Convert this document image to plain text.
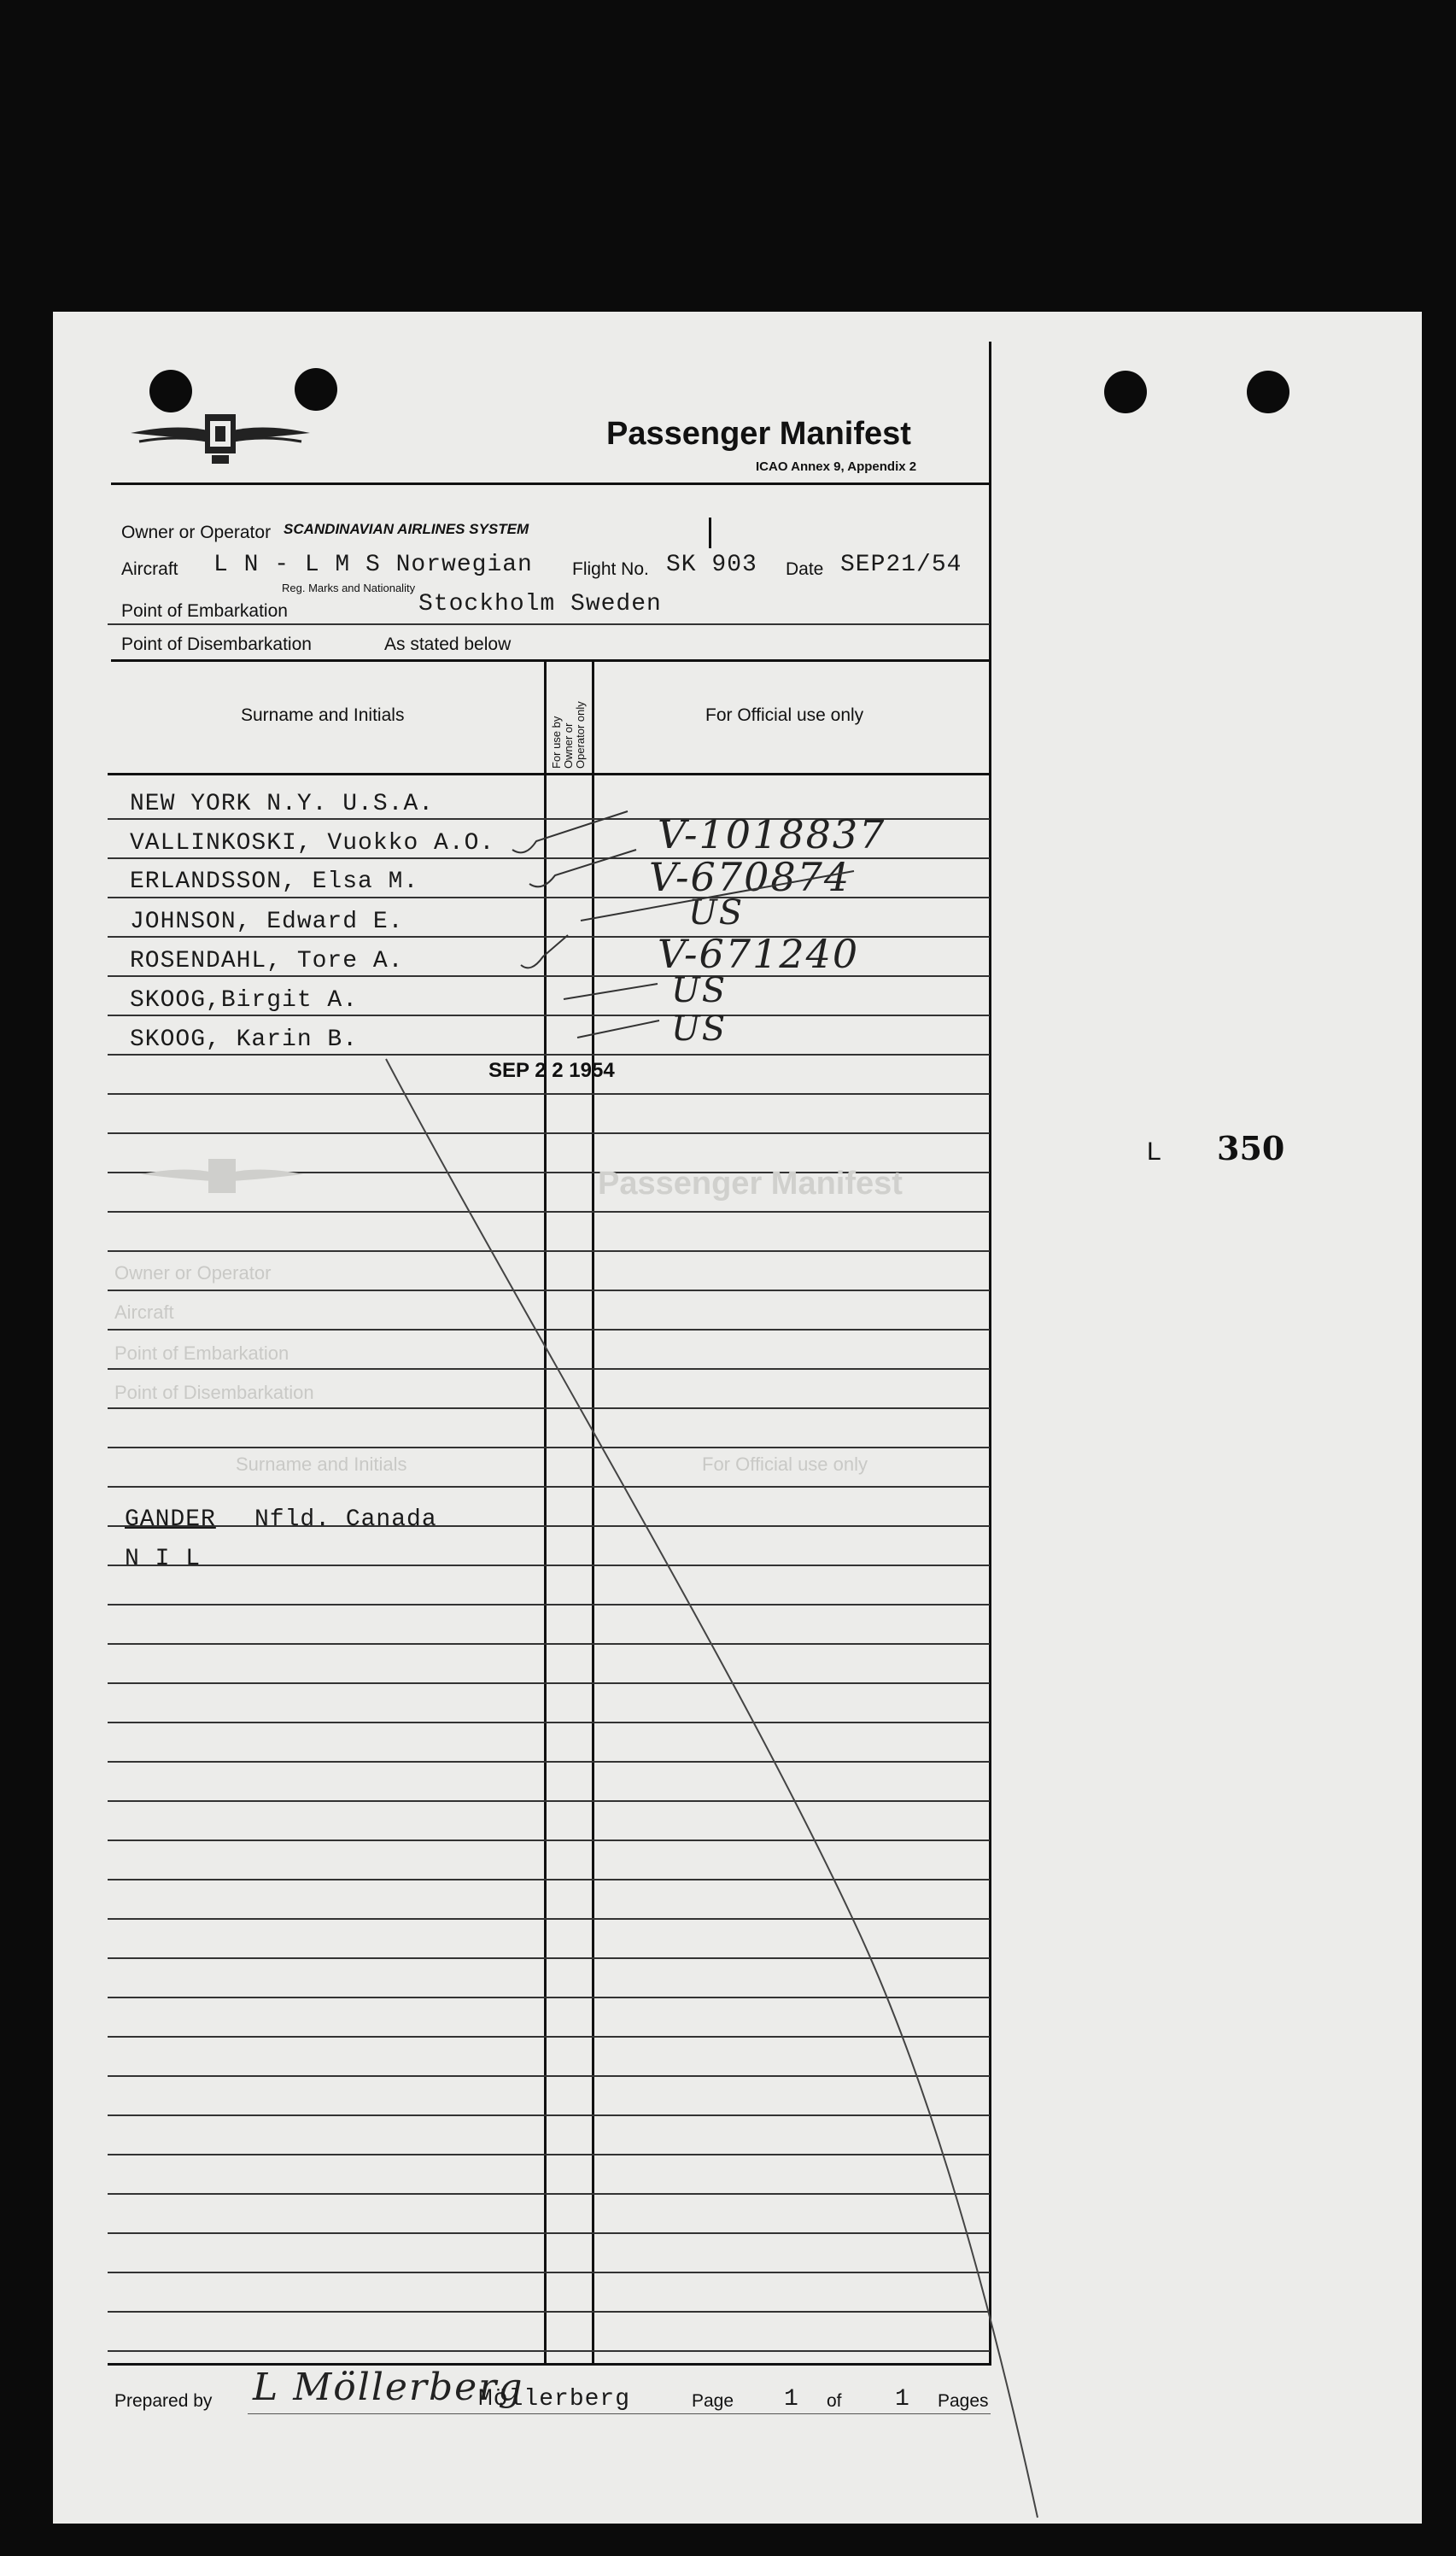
Passenger Manifest
ICAO Annex 9, Appendix 2
Owner or Operator SCANDINAVIAN AIRLINES SYSTEM
Aircraft L N - L M S Norwegian
Reg. Marks and Nationality
Flight No. SK 903 Date SEP21/54
Point of Embarkation	Stockholm Sweden
Point of Disembarkation	As stated below
Surname and Initials
For use by
Owner or
Operator only	For Official use only
NEW YORK N.Y. U.S.A.
VALLINKOSKI, Vuokko A.O.	V-1018837
ERLANDSSON, Elsa M.	V-670874
JOHNSON, Edward E.	US
ROSENDAHL, Tore A.	V-671240
SKOOG,Birgit A.	US
SKOOG, Karin B.	US
SEP 2 2 1954
GANDER Nfld. Canada
N I L
Passenger Manifest
Owner or Operator
Aircraft
Point of Embarkation
Point of Disembarkation
Surname and Initials	For Official use only
L 350
Prepared by L Möllerberg
Möllerberg	Page 1 of 1 Pages
